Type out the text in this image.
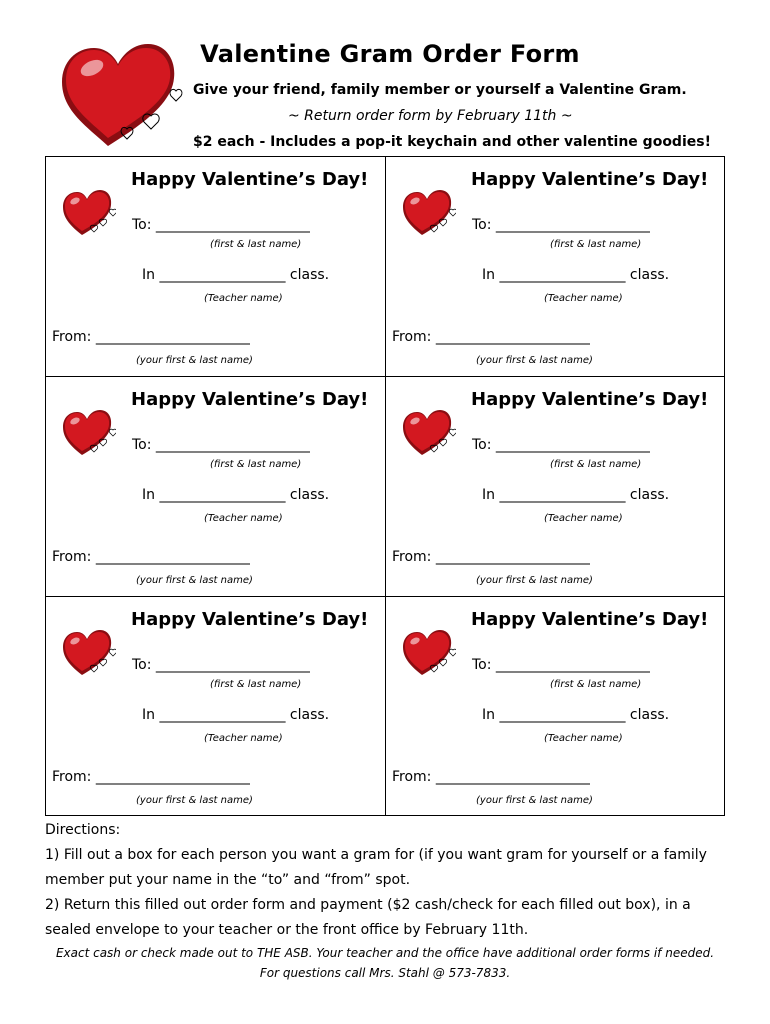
Valentine Gram Order Form
Give your friend, family member or yourself a Valentine Gram.
~ Return order form by February 11th ~
$2 each - Includes a pop-it keychain and other valentine goodies!
Happy Valentine’s Day!
To: ______________________
(first & last name)
In __________________ class.
(Teacher name)
From: ______________________
(your first & last name)
Happy Valentine’s Day!
To: ______________________
(first & last name)
In __________________ class.
(Teacher name)
From: ______________________
(your first & last name)
Happy Valentine’s Day!
To: ______________________
(first & last name)
In __________________ class.
(Teacher name)
From: ______________________
(your first & last name)
Happy Valentine’s Day!
To: ______________________
(first & last name)
In __________________ class.
(Teacher name)
From: ______________________
(your first & last name)
Happy Valentine’s Day!
To: ______________________
(first & last name)
In __________________ class.
(Teacher name)
From: ______________________
(your first & last name)
Happy Valentine’s Day!
To: ______________________
(first & last name)
In __________________ class.
(Teacher name)
From: ______________________
(your first & last name)
Directions:
1) Fill out a box for each person you want a gram for (if you want gram for yourself or a family
member put your name in the “to” and “from” spot.
2) Return this filled out order form and payment ($2 cash/check for each filled out box), in a
sealed envelope to your teacher or the front office by February 11th.
Exact cash or check made out to THE ASB. Your teacher and the office have additional order forms if needed.
For questions call Mrs. Stahl @ 573-7833.
